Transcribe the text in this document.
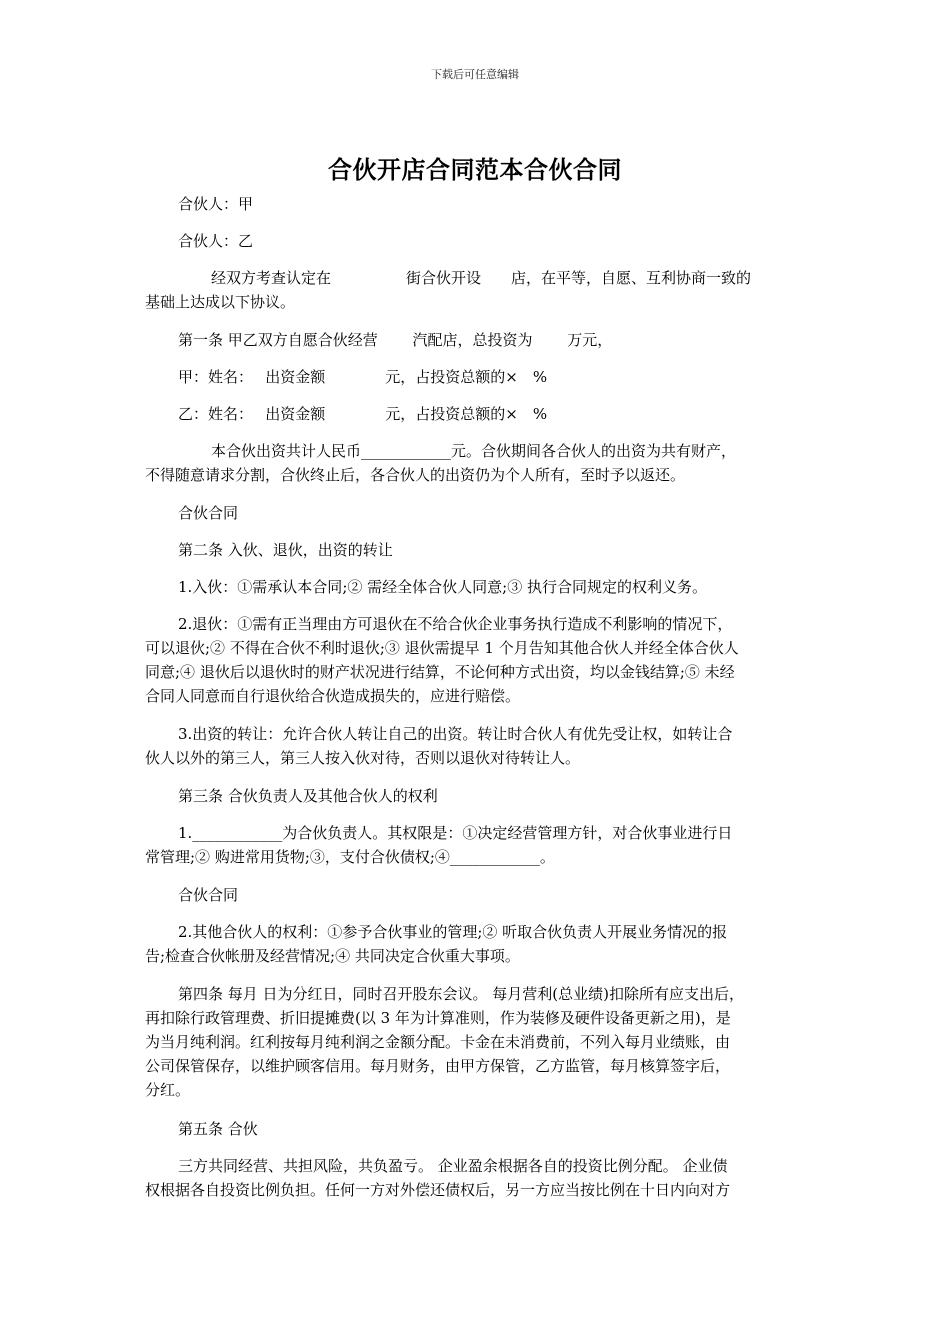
下载后可任意编辑
合伙开店合同范本合伙合同
合伙人：甲
合伙人：乙
经双方考查认定在　　　　　街合伙开设　　店，在平等，自愿、互利协商一致的
基础上达成以下协议。
第一条 甲乙双方自愿合伙经营　　 汽配店，总投资为　　 万元，
甲：姓名：　 出资金额　　　　元，占投资总额的×　%
乙：姓名：　 出资金额　　　　元，占投资总额的×　%
本合伙出资共计人民币____________元。合伙期间各合伙人的出资为共有财产，
不得随意请求分割，合伙终止后，各合伙人的出资仍为个人所有，至时予以返还。
合伙合同
第二条 入伙、退伙，出资的转让
1.入伙：①需承认本合同;② 需经全体合伙人同意;③ 执行合同规定的权利义务。
2.退伙：①需有正当理由方可退伙在不给合伙企业事务执行造成不利影响的情况下，
可以退伙;② 不得在合伙不利时退伙;③ 退伙需提早 1 个月告知其他合伙人并经全体合伙人
同意;④ 退伙后以退伙时的财产状况进行结算，不论何种方式出资，均以金钱结算;⑤ 未经
合同人同意而自行退伙给合伙造成损失的，应进行赔偿。
3.出资的转让：允许合伙人转让自己的出资。转让时合伙人有优先受让权，如转让合
伙人以外的第三人，第三人按入伙对待，否则以退伙对待转让人。
第三条 合伙负责人及其他合伙人的权利
1.____________为合伙负责人。其权限是：①决定经营管理方针，对合伙事业进行日
常管理;② 购进常用货物;③，支付合伙债权;④____________。
合伙合同
2.其他合伙人的权利：①参予合伙事业的管理;② 听取合伙负责人开展业务情况的报
告;检查合伙帐册及经营情况;④ 共同决定合伙重大事项。
第四条 每月 日为分红日，同时召开股东会议。 每月营利(总业绩)扣除所有应支出后，
再扣除行政管理费、折旧提摊费(以 3 年为计算准则，作为装修及硬件设备更新之用)，是
为当月纯利润。红利按每月纯利润之金额分配。卡金在未消费前，不列入每月业绩账，由
公司保管保存，以维护顾客信用。每月财务，由甲方保管，乙方监管，每月核算签字后，
分红。
第五条 合伙
三方共同经营、共担风险，共负盈亏。 企业盈余根据各自的投资比例分配。 企业债
权根据各自投资比例负担。任何一方对外偿还债权后，另一方应当按比例在十日内向对方
